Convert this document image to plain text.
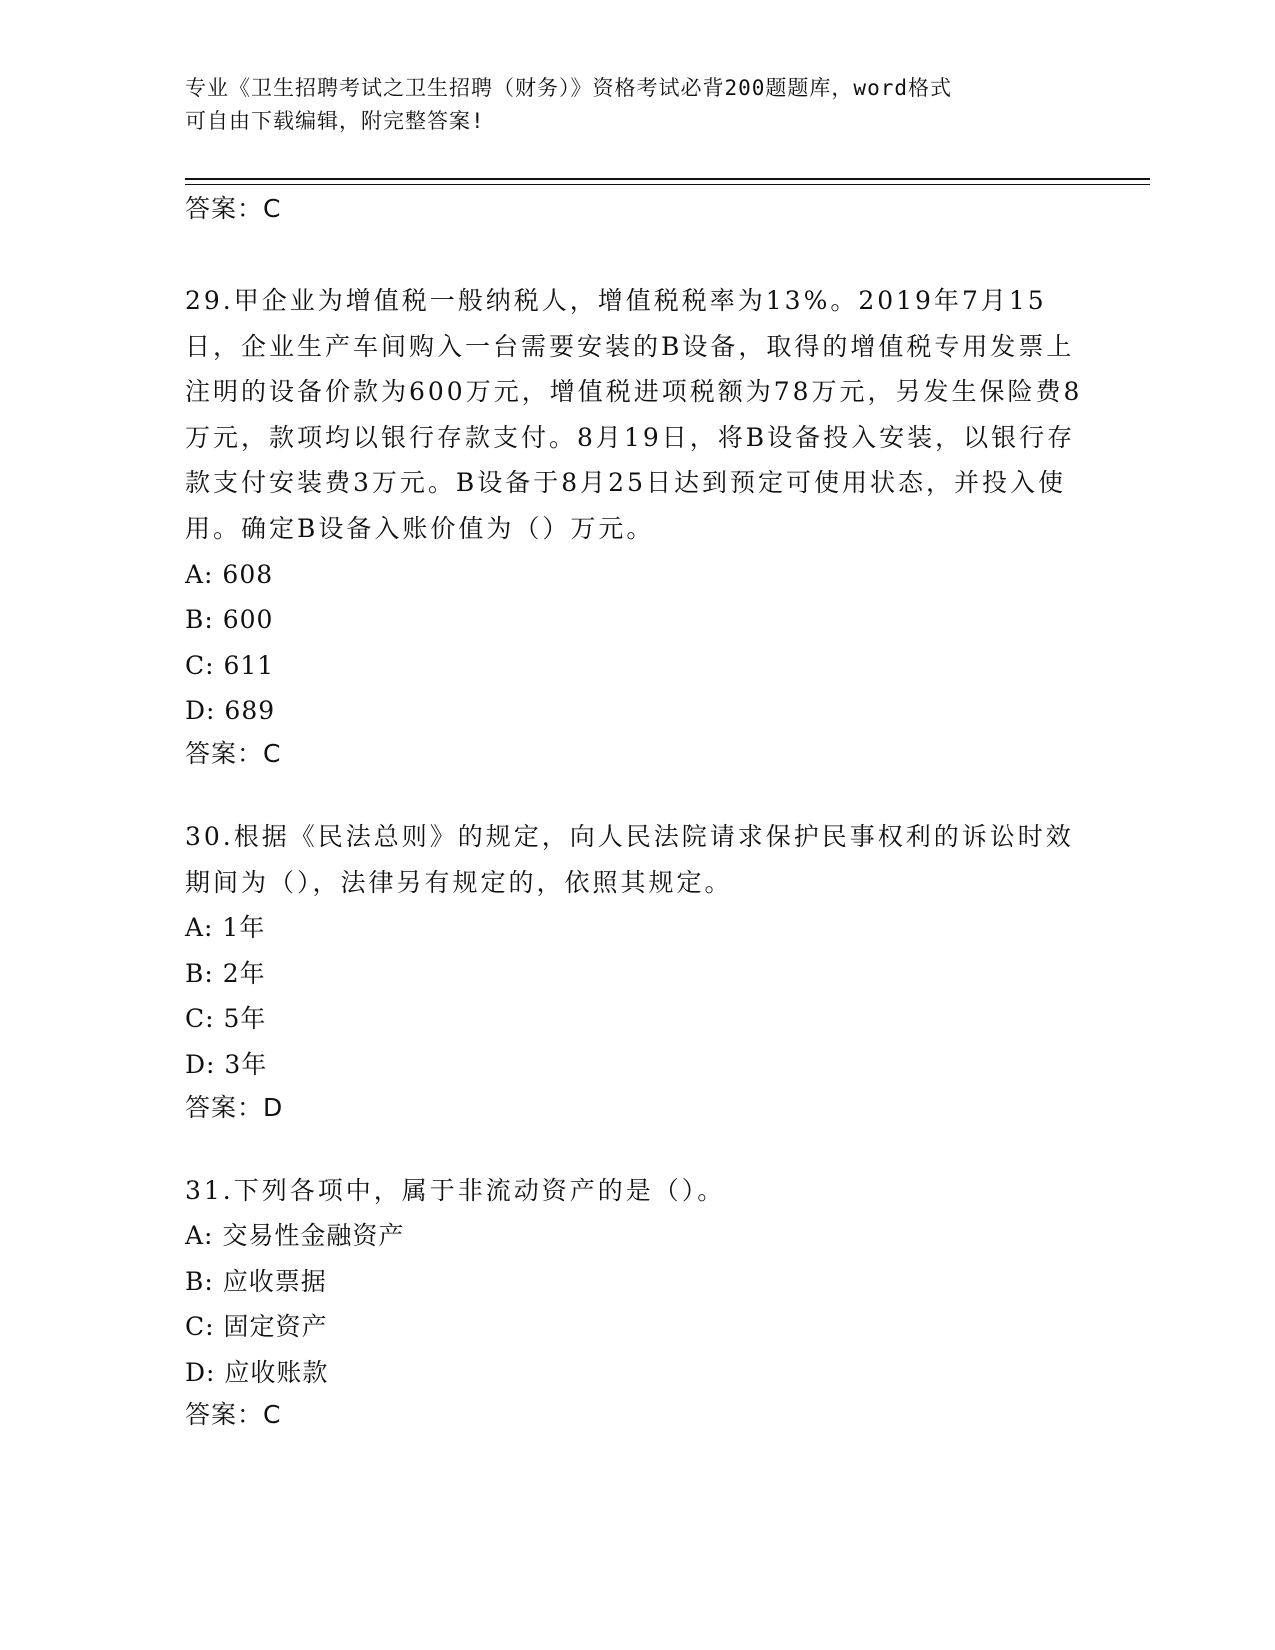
专业《卫生招聘考试之卫生招聘（财务）》资格考试必背200题题库，word格式
可自由下载编辑，附完整答案!
答案：C

29.甲企业为增值税一般纳税人，增值税税率为13%。2019年7月15日，企业生产车间购入一台需要安装的B设备，取得的增值税专用发票上注明的设备价款为600万元，增值税进项税额为78万元，另发生保险费8万元，款项均以银行存款支付。8月19日，将B设备投入安装，以银行存款支付安装费3万元。B设备于8月25日达到预定可使用状态，并投入使用。确定B设备入账价值为（）万元。

A: 608
B: 600
C: 611
D: 689
答案：C

30.根据《民法总则》的规定，向人民法院请求保护民事权利的诉讼时效期间为（），法律另有规定的，依照其规定。

A: 1年
B: 2年
C: 5年
D: 3年
答案：D

31.下列各项中，属于非流动资产的是（）。

A: 交易性金融资产
B: 应收票据
C: 固定资产
D: 应收账款
答案：C
